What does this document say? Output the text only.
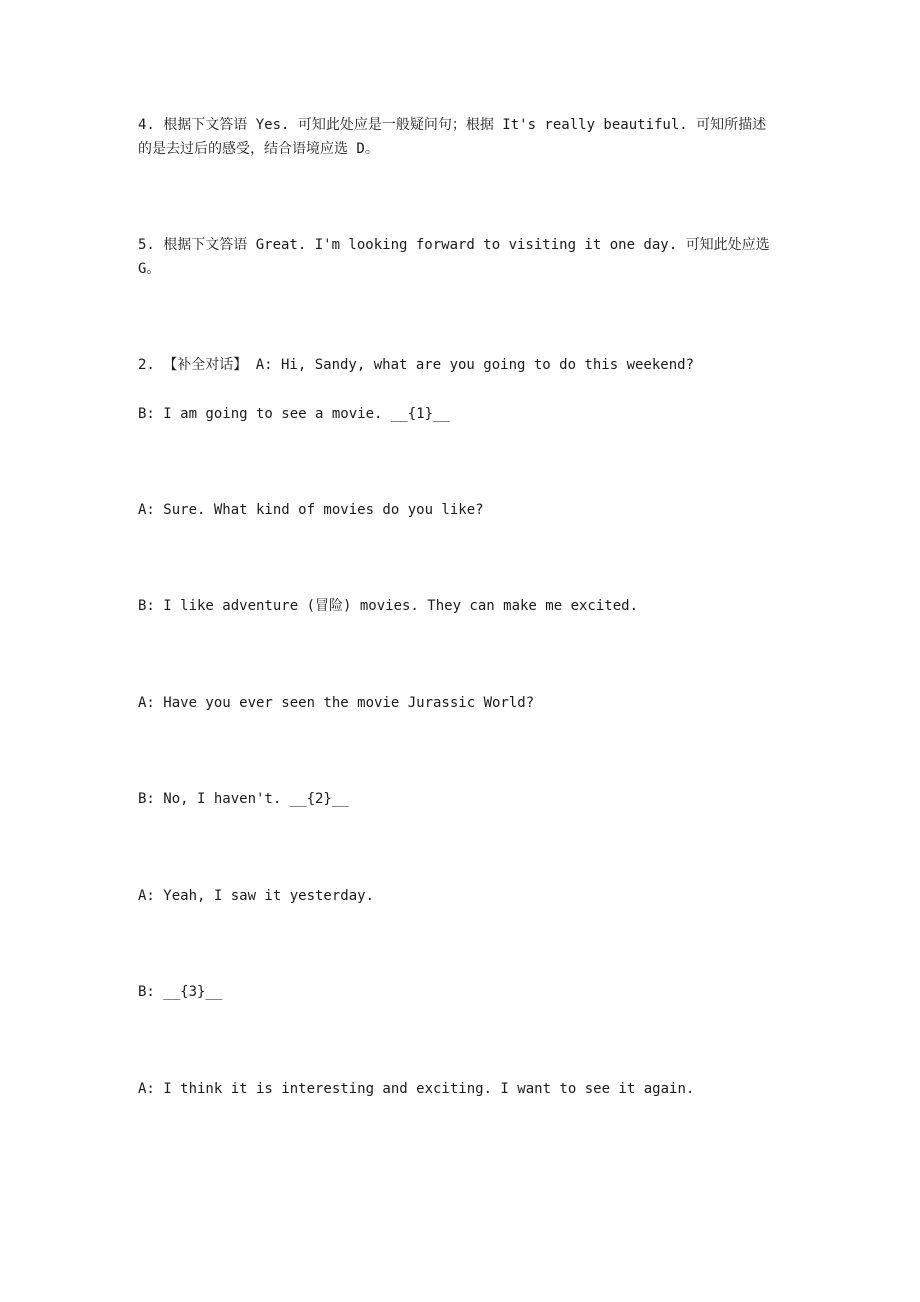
4. 根据下文答语 Yes. 可知此处应是一般疑问句；根据 It's really beautiful. 可知所描述
的是去过后的感受，结合语境应选 D。
5. 根据下文答语 Great. I'm looking forward to visiting it one day. 可知此处应选
G。
2. 【补全对话】 A: Hi, Sandy, what are you going to do this weekend?
B: I am going to see a movie. __{1}__
A: Sure. What kind of movies do you like?
B: I like adventure (冒险) movies. They can make me excited.
A: Have you ever seen the movie Jurassic World?
B: No, I haven't. __{2}__
A: Yeah, I saw it yesterday.
B: __{3}__
A: I think it is interesting and exciting. I want to see it again.
